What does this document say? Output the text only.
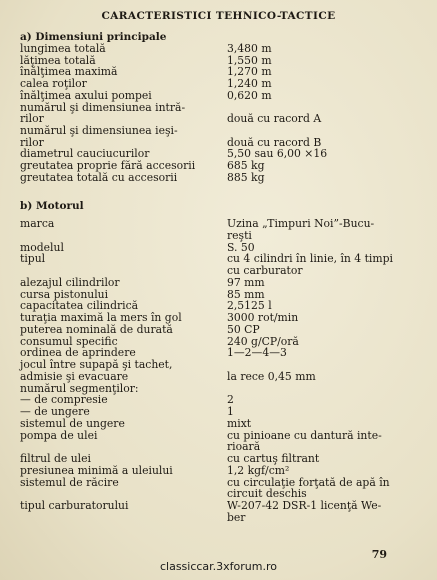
CARACTERISTICI TEHNICO-TACTICE
a) Dimensiuni principale
lungimea totală	3,480 m
lăţimea totală	1,550 m
înălţimea maximă	1,270 m
calea roţilor	1,240 m
înălţimea axului pompei	0,620 m
numărul şi dimensiunea intră-
rilor	două cu racord A
numărul şi dimensiunea ieşi-
rilor	două cu racord B
diametrul cauciucurilor	5,50 sau 6,00 ×16
greutatea proprie fără accesorii	685 kg
greutatea totală cu accesorii	885 kg
b) Motorul
marca	Uzina „Timpuri Noi”-Bucu-
reşti
modelul	S. 50
tipul	cu 4 cilindri în linie, în 4 timpi
cu carburator
alezajul cilindrilor	97 mm
cursa pistonului	85 mm
capacitatea cilindrică	2,5125 l
turaţia maximă la mers în gol	3000 rot/min
puterea nominală de durată	50 CP
consumul specific	240 g/CP/oră
ordinea de aprindere	1—2—4—3
jocul între supapă şi tachet,
admisie şi evacuare	la rece 0,45 mm
numărul segmenţilor:
— de compresie	2
— de ungere	1
sistemul de ungere	mixt
pompa de ulei	cu pinioane cu dantură inte-
rioară
filtrul de ulei	cu cartuş filtrant
presiunea minimă a uleiului	1,2 kgf/cm²
sistemul de răcire	cu circulaţie forţată de apă în
circuit deschis
tipul carburatorului	W-207-42 DSR-1 licenţă We-
ber
79
classiccar.3xforum.ro
